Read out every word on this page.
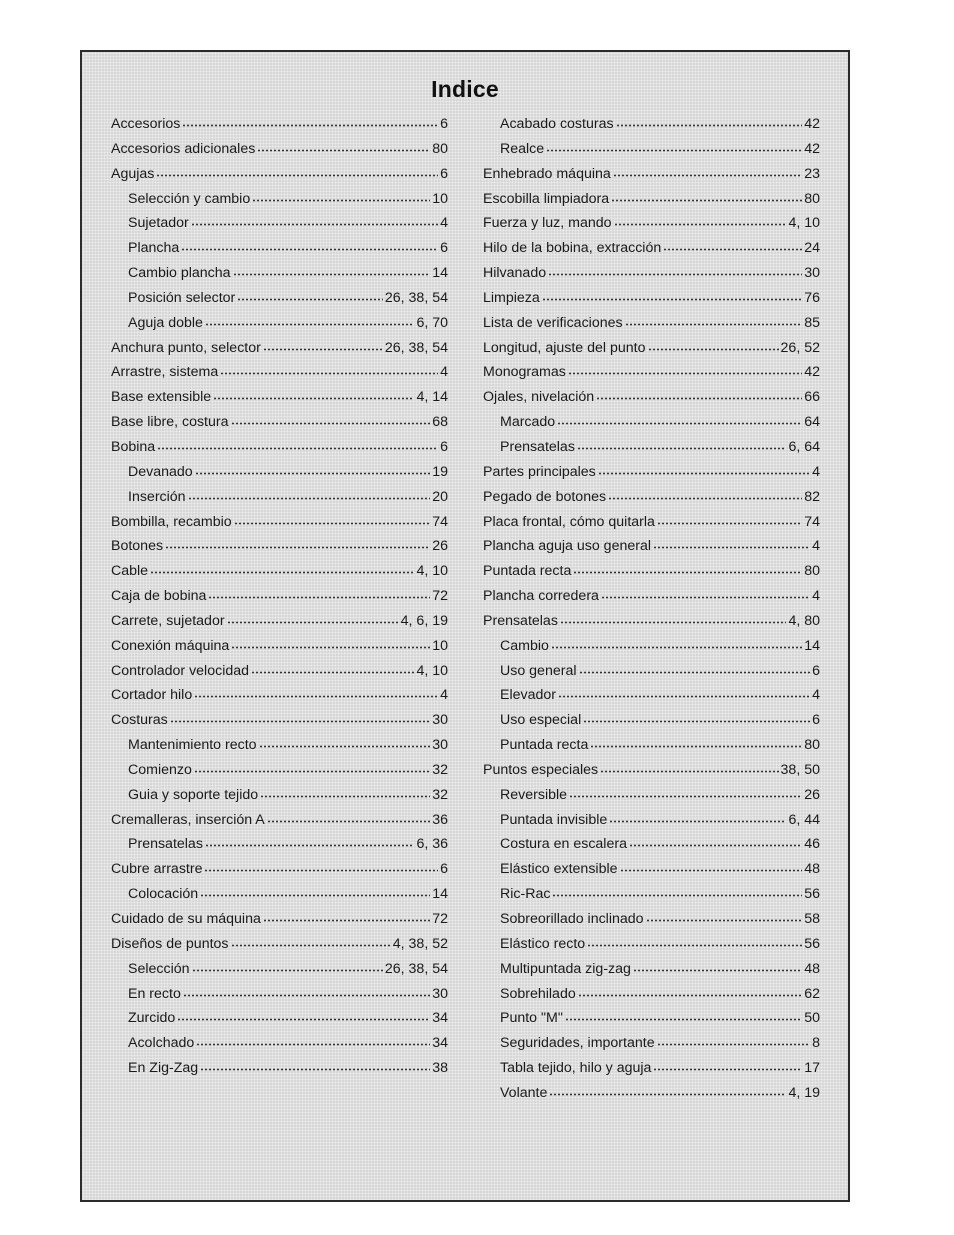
Indice
Accesorios	6
Accesorios adicionales	80
Agujas	6
Selección y cambio	10
Sujetador	4
Plancha	6
Cambio plancha	14
Posición selector	26, 38, 54
Aguja doble	6, 70
Anchura punto, selector	26, 38, 54
Arrastre, sistema	4
Base extensible	4, 14
Base libre, costura	68
Bobina	6
Devanado	19
Inserción	20
Bombilla, recambio	74
Botones	26
Cable	4, 10
Caja de bobina	72
Carrete, sujetador	4, 6, 19
Conexión máquina	10
Controlador velocidad	4, 10
Cortador hilo	4
Costuras	30
Mantenimiento recto	30
Comienzo	32
Guia y soporte tejido	32
Cremalleras, inserción A	36
Prensatelas	6, 36
Cubre arrastre	6
Colocación	14
Cuidado de su máquina	72
Diseños de puntos	4, 38, 52
Selección	26, 38, 54
En recto	30
Zurcido	34
Acolchado	34
En Zig-Zag	38
Acabado costuras	42
Realce	42
Enhebrado máquina	23
Escobilla limpiadora	80
Fuerza y luz, mando	4, 10
Hilo de la bobina, extracción	24
Hilvanado	30
Limpieza	76
Lista de verificaciones	85
Longitud, ajuste del punto	26, 52
Monogramas	42
Ojales, nivelación	66
Marcado	64
Prensatelas	6, 64
Partes principales	4
Pegado de botones	82
Placa frontal, cómo quitarla	74
Plancha aguja uso general	4
Puntada recta	80
Plancha corredera	4
Prensatelas	4, 80
Cambio	14
Uso general	6
Elevador	4
Uso especial	6
Puntada recta	80
Puntos especiales	38, 50
Reversible	26
Puntada invisible	6, 44
Costura en escalera	46
Elástico extensible	48
Ric-Rac	56
Sobreorillado inclinado	58
Elástico recto	56
Multipuntada zig-zag	48
Sobrehilado	62
Punto "M"	50
Seguridades, importante	8
Tabla tejido, hilo y aguja	17
Volante	4, 19
